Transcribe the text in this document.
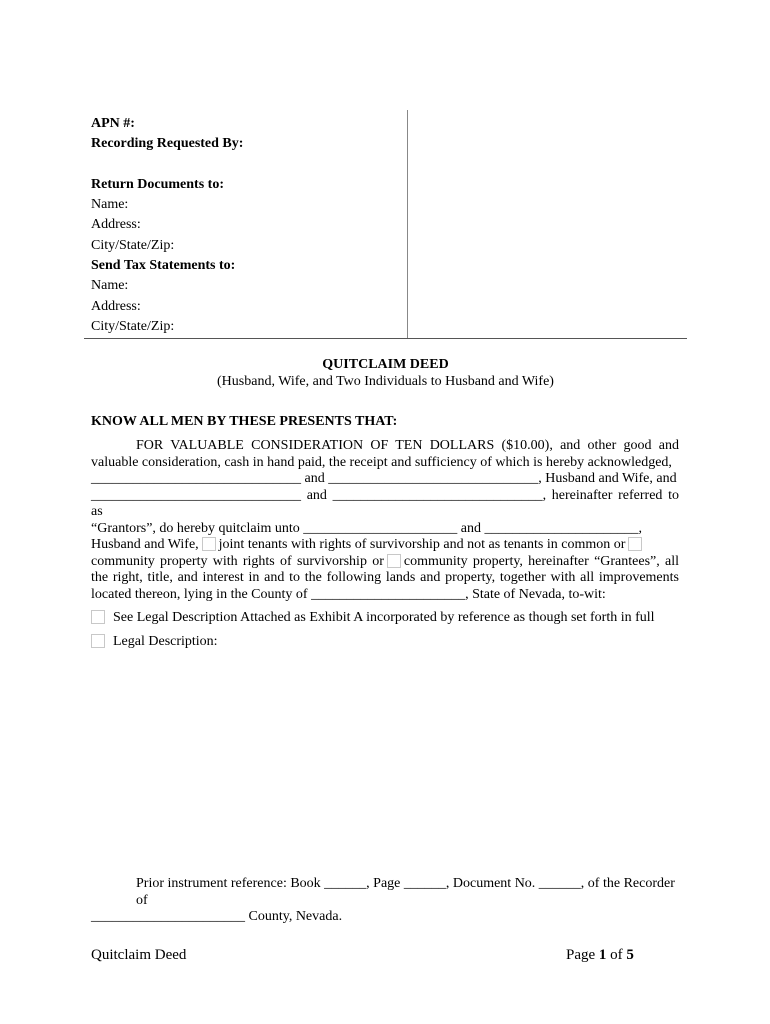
APN #:
Recording Requested By:

Return Documents to:
Name:
Address:
City/State/Zip:
Send Tax Statements to:
Name:
Address:
City/State/Zip:
QUITCLAIM DEED
(Husband, Wife, and Two Individuals to Husband and Wife)
KNOW ALL MEN BY THESE PRESENTS THAT:

FOR VALUABLE CONSIDERATION OF TEN DOLLARS ($10.00), and other good and valuable consideration, cash in hand paid, the receipt and sufficiency of which is hereby acknowledged,

______________________________ and ______________________________, Husband and Wife, and

______________________________ and ______________________________, hereinafter referred to as

“Grantors”, do hereby quitclaim unto ______________________ and ______________________,

Husband and Wife, joint tenants with rights of survivorship and not as tenants in common or

community property with rights of survivorship or community property, hereinafter “Grantees”, all the right, title, and interest in and to the following lands and property, together with all improvements located thereon, lying in the County of ______________________, State of Nevada, to-wit:

See Legal Description Attached as Exhibit A incorporated by reference as though set forth in full
Legal Description:
Prior instrument reference: Book ______, Page ______, Document No. ______, of the Recorder of
______________________ County, Nevada.
Quitclaim Deed	Page 1 of 5
